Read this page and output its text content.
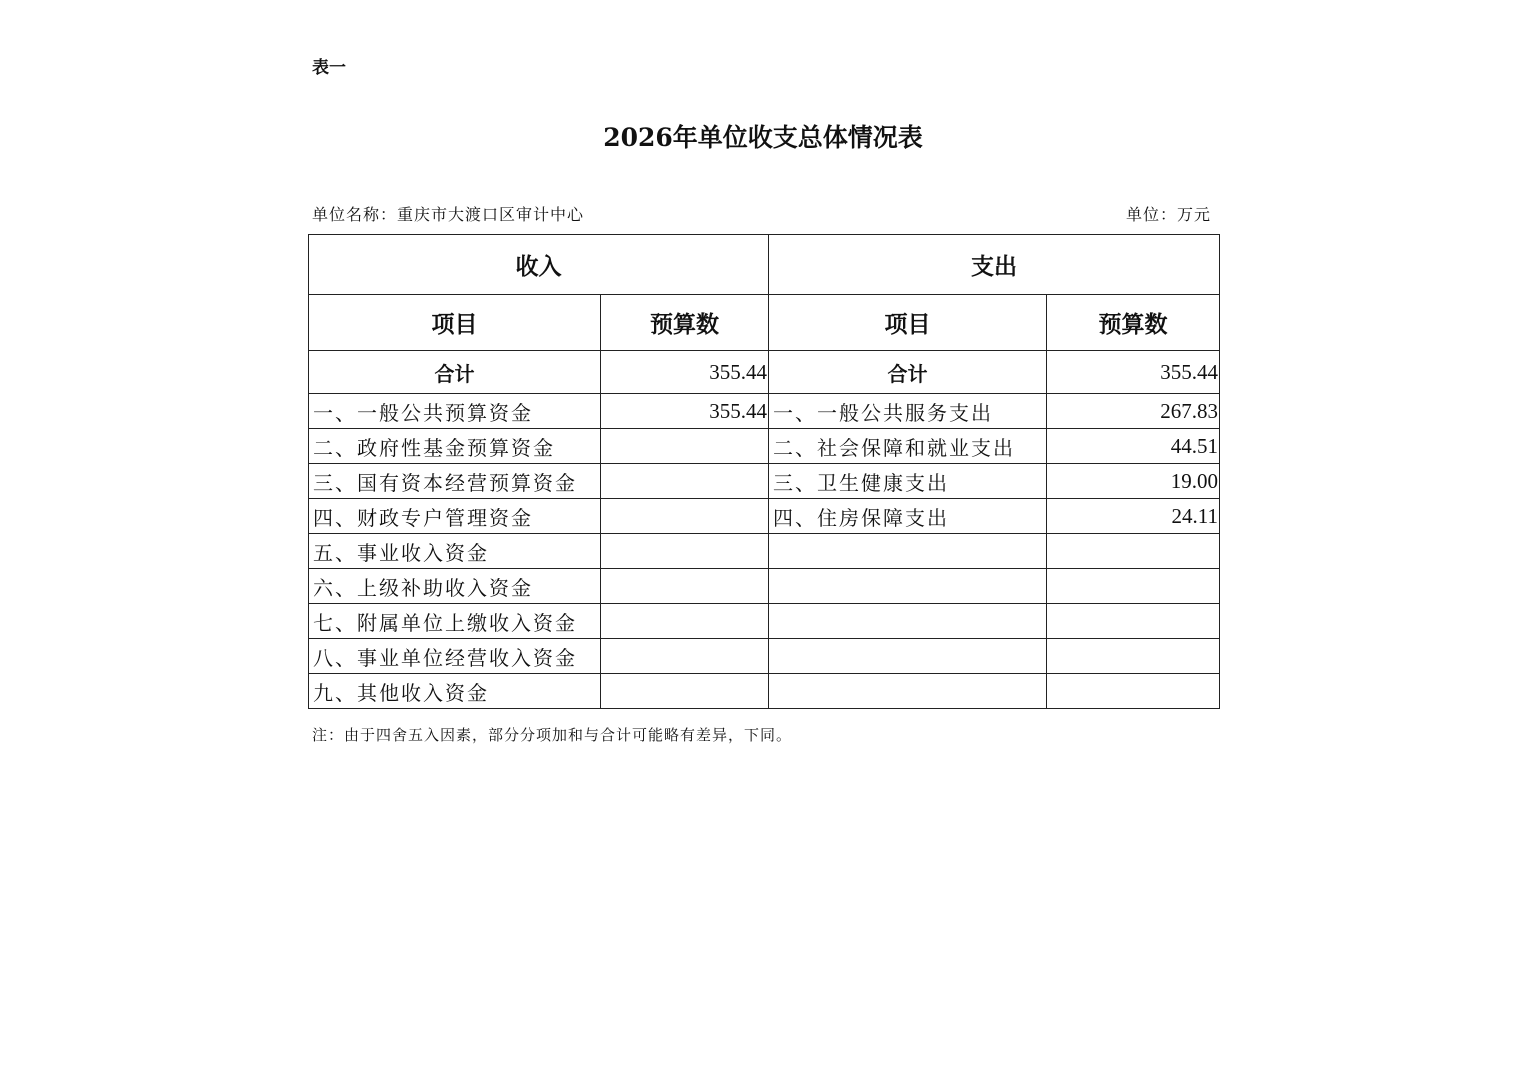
表一
2026年单位收支总体情况表
单位名称：重庆市大渡口区审计中心	单位：万元
收入		支出	
项目	预算数	项目	预算数
合计	355.44	合计	355.44
一、一般公共预算资金	355.44	一、一般公共服务支出	267.83
二、政府性基金预算资金		二、社会保障和就业支出	44.51
三、国有资本经营预算资金		三、卫生健康支出	19.00
四、财政专户管理资金		四、住房保障支出	24.11
五、事业收入资金			
六、上级补助收入资金			
七、附属单位上缴收入资金			
八、事业单位经营收入资金			
九、其他收入资金			
注：由于四舍五入因素，部分分项加和与合计可能略有差异，下同。
